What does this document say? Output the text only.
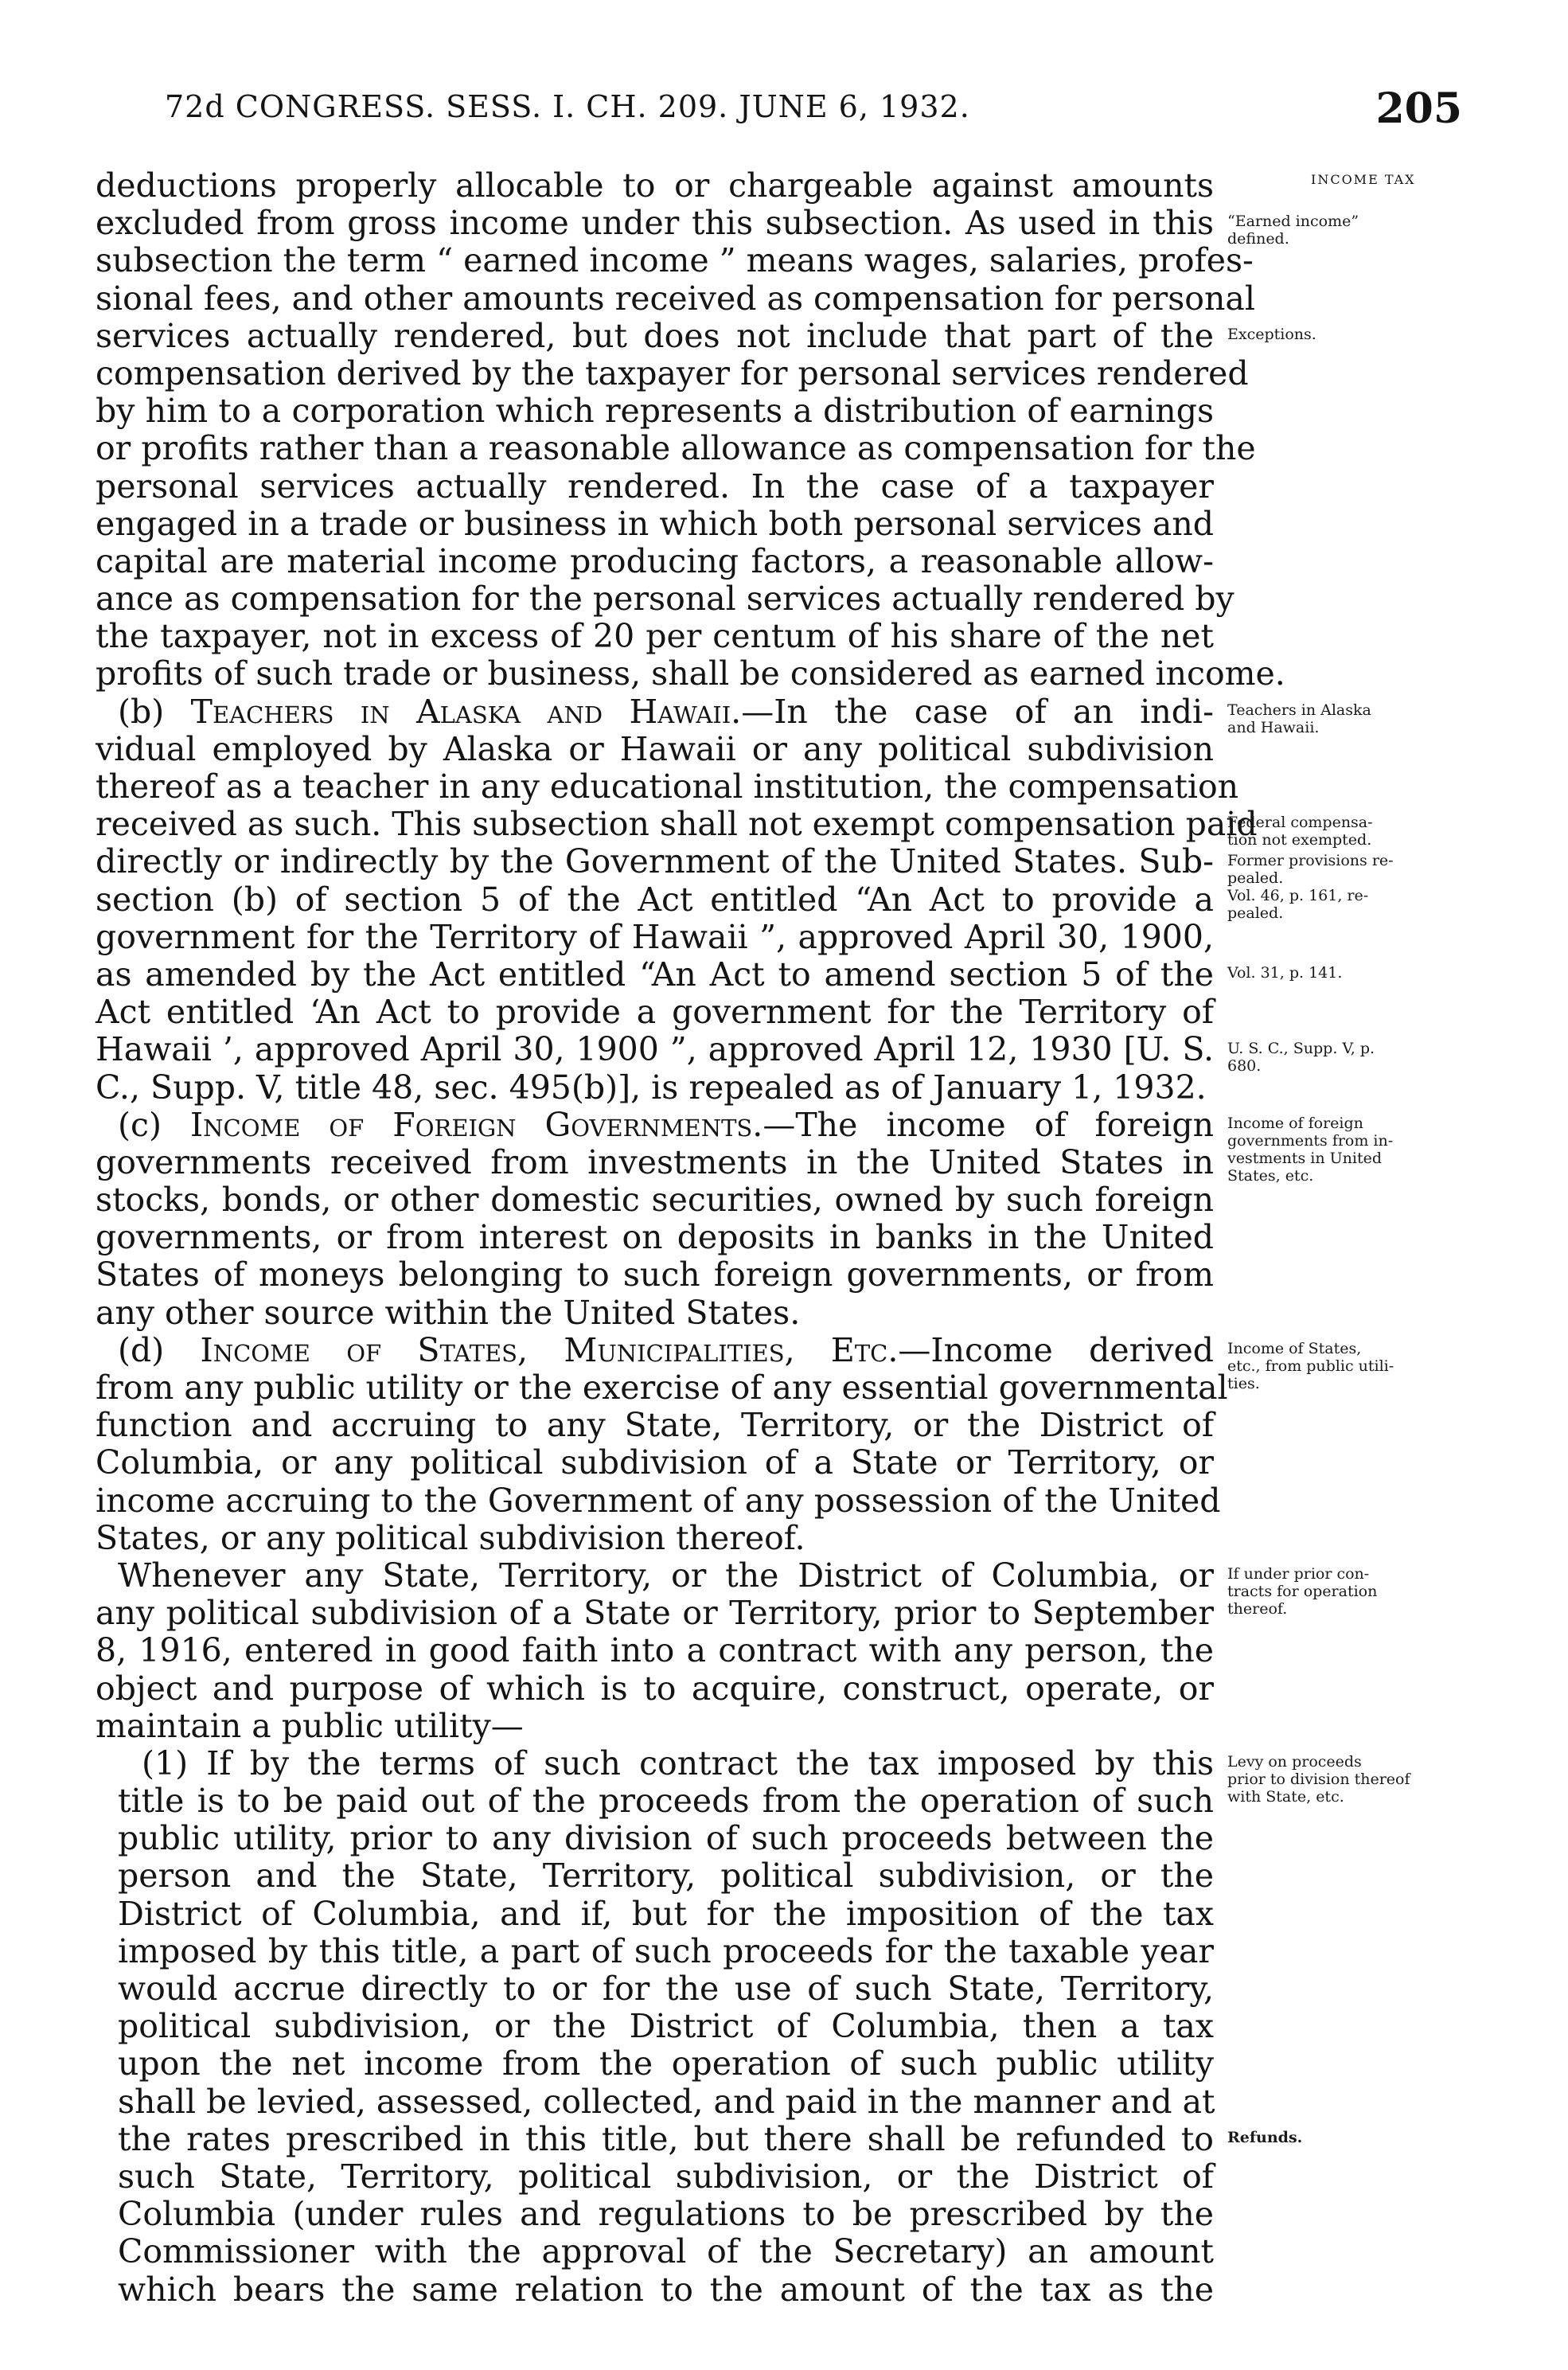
72d CONGRESS. SESS. I. CH. 209. JUNE 6, 1932.	205
deductions properly allocable to or chargeable against amounts
excluded from gross income under this subsection. As used in this
subsection the term “ earned income ” means wages, salaries, profes-
sional fees, and other amounts received as compensation for personal
services actually rendered, but does not include that part of the
compensation derived by the taxpayer for personal services rendered
by him to a corporation which represents a distribution of earnings
or profits rather than a reasonable allowance as compensation for the
personal services actually rendered. In the case of a taxpayer
engaged in a trade or business in which both personal services and
capital are material income producing factors, a reasonable allow-
ance as compensation for the personal services actually rendered by
the taxpayer, not in excess of 20 per centum of his share of the net
profits of such trade or business, shall be considered as earned income.
(b) Teachers in Alaska and Hawaii.—In the case of an indi-
vidual employed by Alaska or Hawaii or any political subdivision
thereof as a teacher in any educational institution, the compensation
received as such. This subsection shall not exempt compensation paid
directly or indirectly by the Government of the United States. Sub-
section (b) of section 5 of the Act entitled “An Act to provide a
government for the Territory of Hawaii ”, approved April 30, 1900,
as amended by the Act entitled “An Act to amend section 5 of the
Act entitled ‘An Act to provide a government for the Territory of
Hawaii ’, approved April 30, 1900 ”, approved April 12, 1930 [U. S.
C., Supp. V, title 48, sec. 495(b)], is repealed as of January 1, 1932.
(c) Income of Foreign Governments.—The income of foreign
governments received from investments in the United States in
stocks, bonds, or other domestic securities, owned by such foreign
governments, or from interest on deposits in banks in the United
States of moneys belonging to such foreign governments, or from
any other source within the United States.
(d) Income of States, Municipalities, Etc.—Income derived
from any public utility or the exercise of any essential governmental
function and accruing to any State, Territory, or the District of
Columbia, or any political subdivision of a State or Territory, or
income accruing to the Government of any possession of the United
States, or any political subdivision thereof.
Whenever any State, Territory, or the District of Columbia, or
any political subdivision of a State or Territory, prior to September
8, 1916, entered in good faith into a contract with any person, the
object and purpose of which is to acquire, construct, operate, or
maintain a public utility—
(1) If by the terms of such contract the tax imposed by this
title is to be paid out of the proceeds from the operation of such
public utility, prior to any division of such proceeds between the
person and the State, Territory, political subdivision, or the
District of Columbia, and if, but for the imposition of the tax
imposed by this title, a part of such proceeds for the taxable year
would accrue directly to or for the use of such State, Territory,
political subdivision, or the District of Columbia, then a tax
upon the net income from the operation of such public utility
shall be levied, assessed, collected, and paid in the manner and at
the rates prescribed in this title, but there shall be refunded to
such State, Territory, political subdivision, or the District of
Columbia (under rules and regulations to be prescribed by the
Commissioner with the approval of the Secretary) an amount
which bears the same relation to the amount of the tax as the
INCOME TAX
“Earned income”
defined.
Exceptions.
Teachers in Alaska
and Hawaii.
Federal compensa-
tion not exempted.
Former provisions re-
pealed.
Vol. 46, p. 161, re-
pealed.
Vol. 31, p. 141.
U. S. C., Supp. V, p.
680.
Income of foreign
governments from in-
vestments in United
States, etc.
Income of States,
etc., from public utili-
ties.
If under prior con-
tracts for operation
thereof.
Levy on proceeds
prior to division thereof
with State, etc.
Refunds.
